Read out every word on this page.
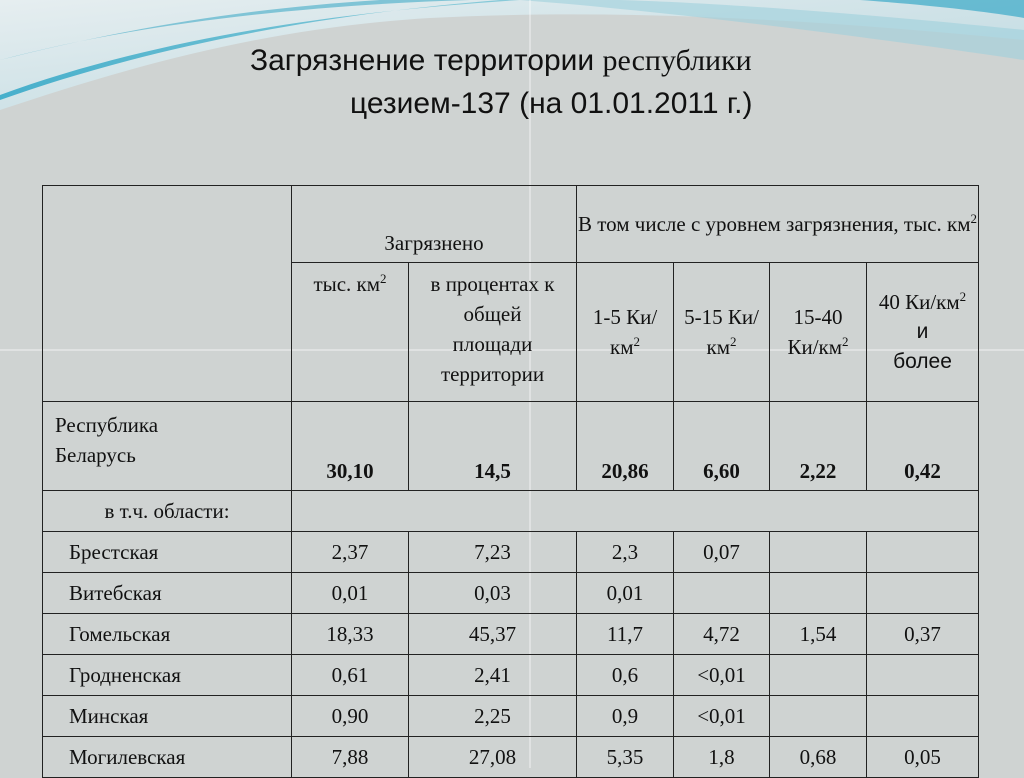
Загрязнение территории республики
цезием-137 (на 01.01.2011 г.)
	Загрязнено		В том числе с уровнем загрязнения, тыс. $км^2$
	тыс. $км^2$	в процентах к общей площади территории	1-5 $Ки/км^2$	5-15 $Ки/км^2$	15-40 $Ки/км^2$	40 $Ки/км^2$
и
более

Республика Беларусь	30,10	14,5	20,86	6,60	2,22	0,42
в т.ч. области:						
Брестская	2,37	7,23	2,3	0,07		
Витебская	0,01	0,03	0,01			
Гомельская	18,33	45,37	11,7	4,72	1,54	0,37
Гродненская	0,61	2,41	0,6	<0,01		
Минская	0,90	2,25	0,9	<0,01		
Могилевская	7,88	27,08	5,35	1,8	0,68	0,05
